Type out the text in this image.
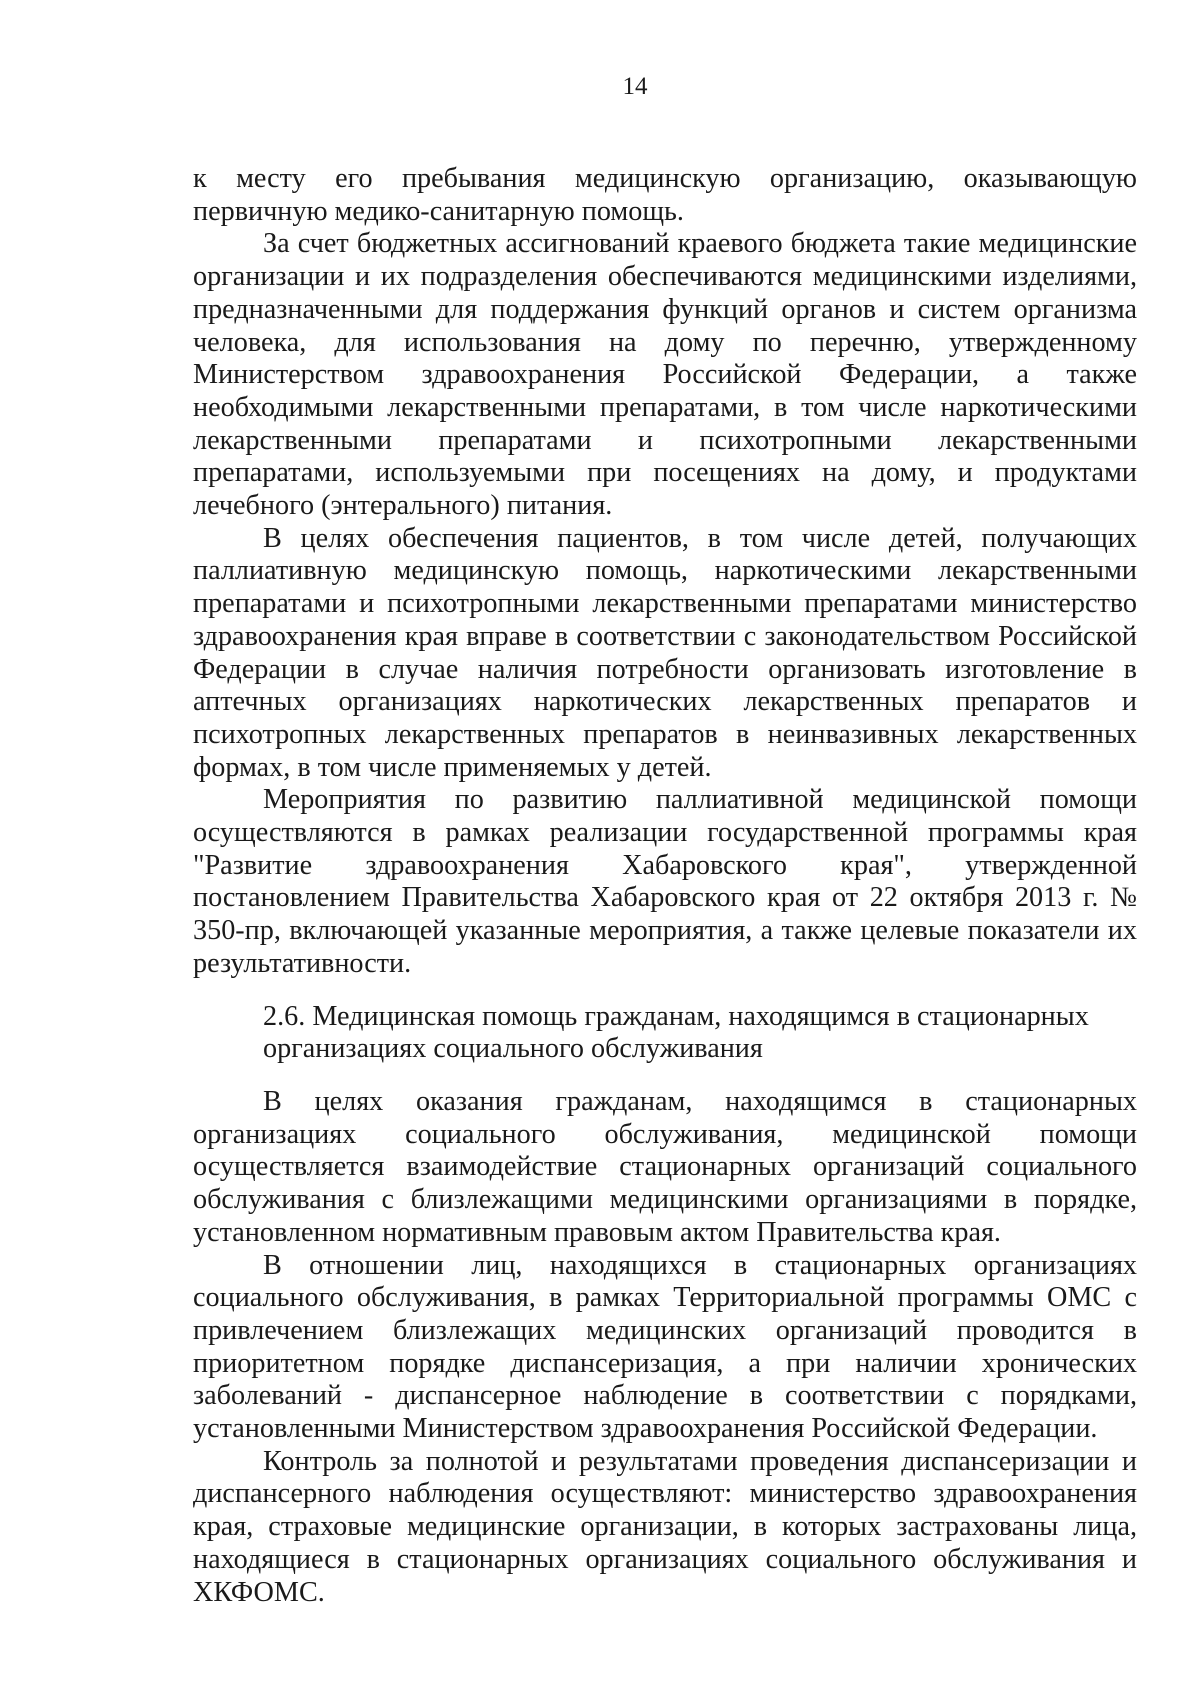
14

к месту его пребывания медицинскую организацию, оказывающую первичную медико-санитарную помощь.

За счет бюджетных ассигнований краевого бюджета такие медицинские организации и их подразделения обеспечиваются медицинскими изделиями, предназначенными для поддержания функций органов и систем организма человека, для использования на дому по перечню, утвержденному Министерством здравоохранения Российской Федерации, а также необходимыми лекарственными препаратами, в том числе наркотическими лекарственными препаратами и психотропными лекарственными препаратами, используемыми при посещениях на дому, и продуктами лечебного (энтерального) питания.

В целях обеспечения пациентов, в том числе детей, получающих паллиативную медицинскую помощь, наркотическими лекарственными препаратами и психотропными лекарственными препаратами министерство здравоохранения края вправе в соответствии с законодательством Российской Федерации в случае наличия потребности организовать изготовление в аптечных организациях наркотических лекарственных препаратов и психотропных лекарственных препаратов в неинвазивных лекарственных формах, в том числе применяемых у детей.

Мероприятия по развитию паллиативной медицинской помощи осуществляются в рамках реализации государственной программы края "Развитие здравоохранения Хабаровского края", утвержденной постановлением Правительства Хабаровского края от 22 октября 2013 г. № 350-пр, включающей указанные мероприятия, а также целевые показатели их результативности.

2.6. Медицинская помощь гражданам, находящимся в стационарных организациях социального обслуживания

В целях оказания гражданам, находящимся в стационарных организациях социального обслуживания, медицинской помощи осуществляется взаимодействие стационарных организаций социального обслуживания с близлежащими медицинскими организациями в порядке, установленном нормативным правовым актом Правительства края.

В отношении лиц, находящихся в стационарных организациях социального обслуживания, в рамках Территориальной программы ОМС с привлечением близлежащих медицинских организаций проводится в приоритетном порядке диспансеризация, а при наличии хронических заболеваний - диспансерное наблюдение в соответствии с порядками, установленными Министерством здравоохранения Российской Федерации.

Контроль за полнотой и результатами проведения диспансеризации и диспансерного наблюдения осуществляют: министерство здравоохранения края, страховые медицинские организации, в которых застрахованы лица, находящиеся в стационарных организациях социального обслуживания и ХКФОМС.
